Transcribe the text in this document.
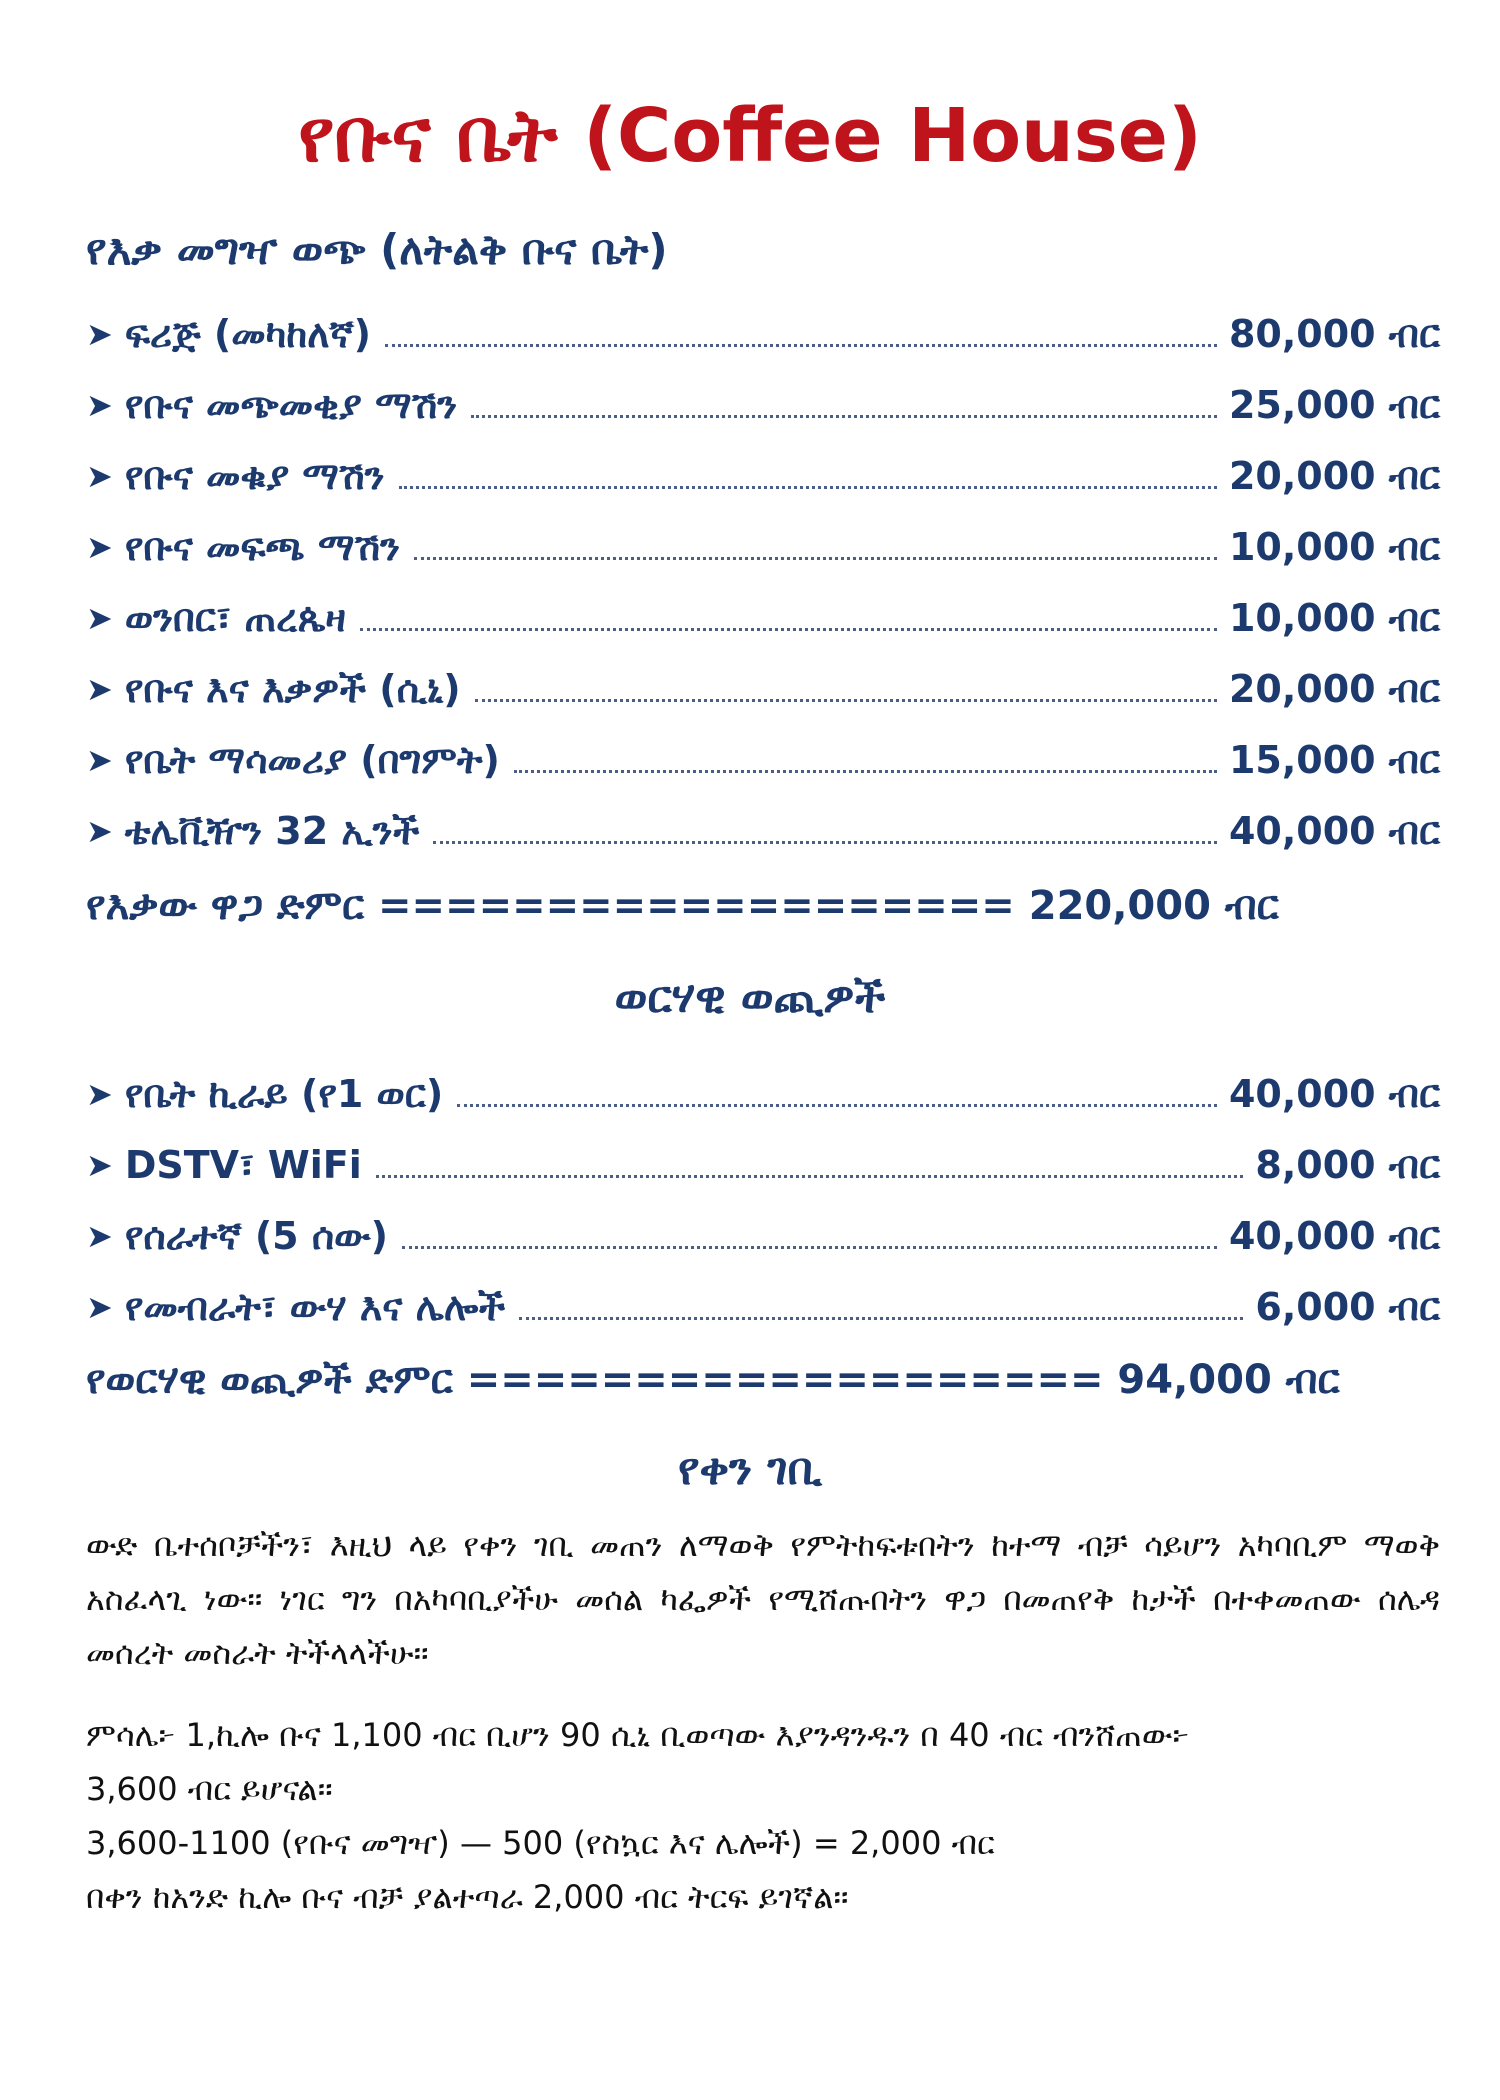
የቡና ቤት (Coffee House)
የእቃ መግዣ ወጭ (ለትልቅ ቡና ቤት)
➤ ፍሪጅ (መካከለኛ)	80,000 ብር
➤ የቡና መጭመቂያ ማሽን	25,000 ብር
➤ የቡና መቁያ ማሽን	20,000 ብር
➤ የቡና መፍጫ ማሽን	10,000 ብር
➤ ወንበር፣ ጠረጴዛ	10,000 ብር
➤ የቡና እና እቃዎች (ሲኒ)	20,000 ብር
➤ የቤት ማሳመሪያ (በግምት)	15,000 ብር
➤ ቴሌቪዥን 32 ኢንች	40,000 ብር
የእቃው ዋጋ ድምር =================== 220,000 ብር
ወርሃዊ ወጪዎች
➤ የቤት ኪራይ (የ1 ወር)	40,000 ብር
➤ DSTV፣ WiFi	8,000 ብር
➤ የሰራተኛ (5 ሰው)	40,000 ብር
➤ የመብራት፣ ውሃ እና ሌሎች	6,000 ብር
የወርሃዊ ወጪዎች ድምር =================== 94,000 ብር
የቀን ገቢ
ውድ ቤተሰቦቻችን፣ እዚህ ላይ የቀን ገቢ መጠን ለማወቅ የምትከፍቱበትን ከተማ ብቻ ሳይሆን አካባቢም ማወቅ አስፈላጊ ነው። ነገር ግን በአካባቢያችሁ መሰል ካፌዎች የሚሸጡበትን ዋጋ በመጠየቅ ከታች በተቀመጠው ሰሌዳ መሰረት መስራት ትችላላችሁ።
ምሳሌ፦ 1,ኪሎ ቡና 1,100 ብር ቢሆን 90 ሲኒ ቢወጣው እያንዳንዱን በ 40 ብር ብንሸጠው፦
3,600 ብር ይሆናል።
3,600-1100 (የቡና መግዣ) — 500 (የስኳር እና ሌሎች) = 2,000 ብር
በቀን ከአንድ ኪሎ ቡና ብቻ ያልተጣራ 2,000 ብር ትርፍ ይገኛል።
